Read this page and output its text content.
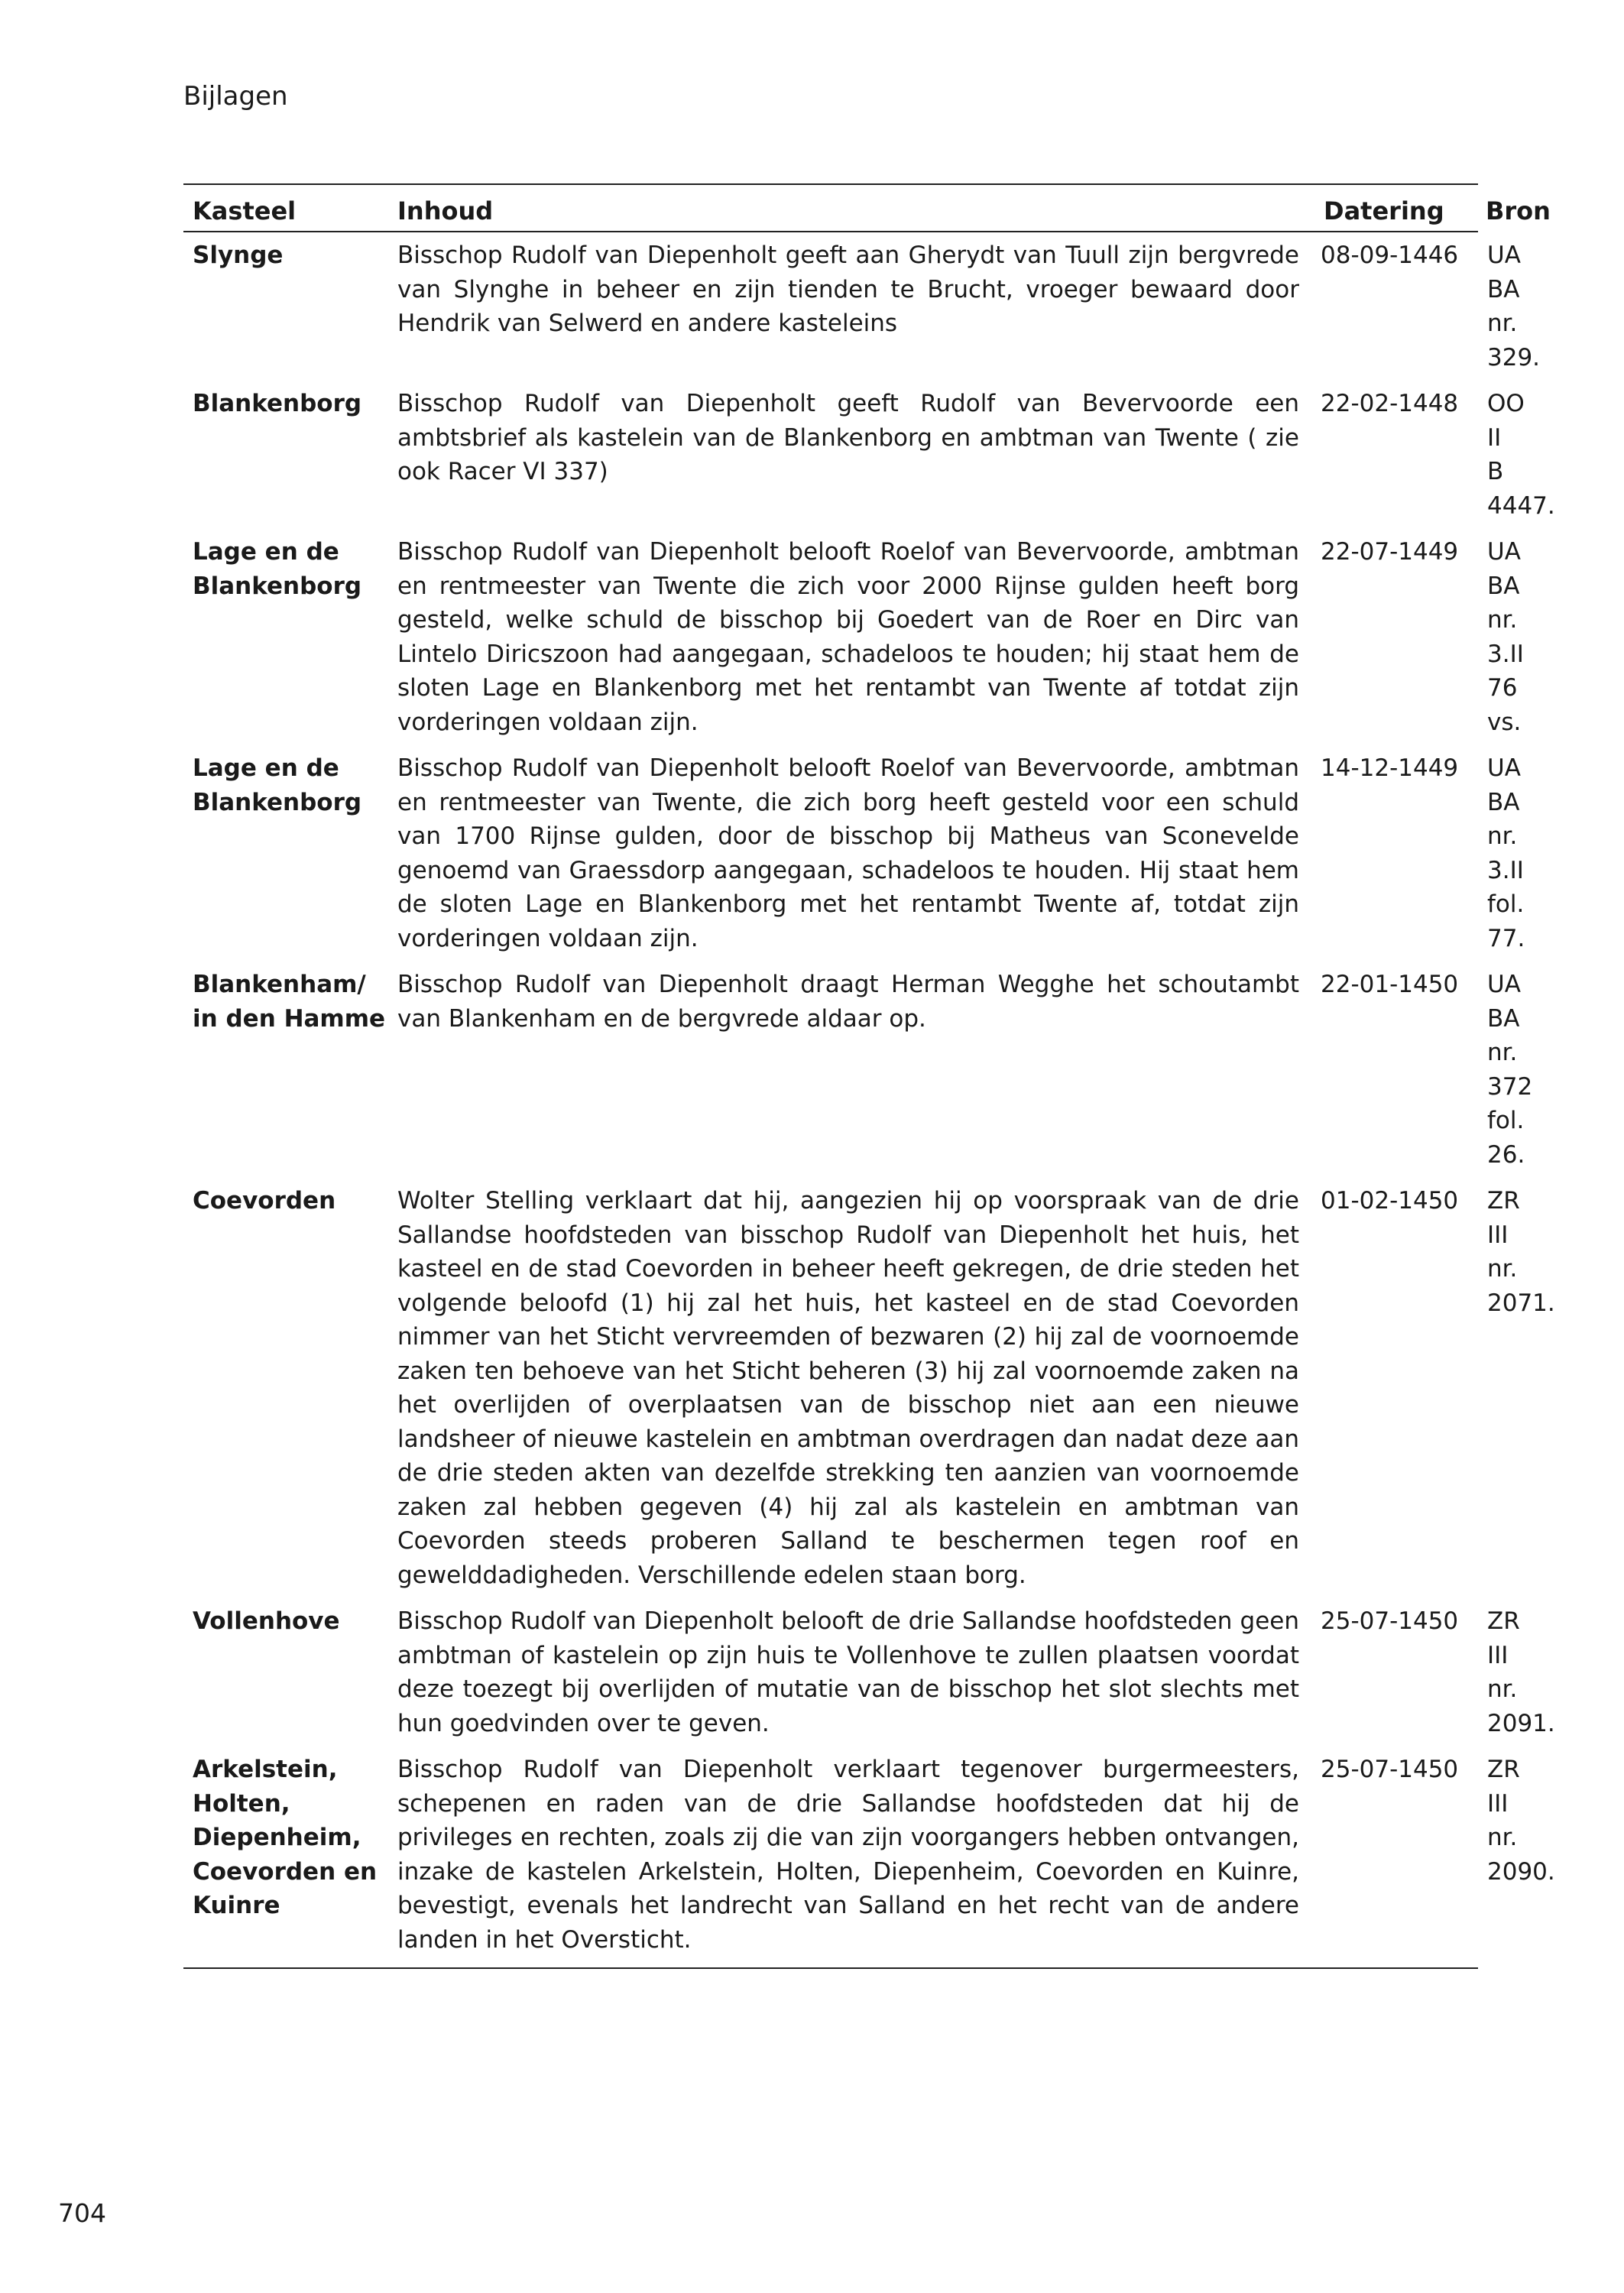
Bijlagen
Kasteel	Inhoud	Datering	Bron
Slynge	Bisschop Rudolf van Diepenholt geeft aan Gherydt van Tuull zijn bergvrede van Slynghe in beheer en zijn tienden te Brucht, vroeger bewaard door Hendrik van Selwerd en andere kasteleins	08-09-1446	UA BA nr. 329.
Blankenborg	Bisschop Rudolf van Diepenholt geeft Rudolf van Bevervoorde een ambtsbrief als kastelein van de Blankenborg en ambtman van Twente ( zie ook Racer VI 337)	22-02-1448	OO II B 4447.
Lage en de Blankenborg	Bisschop Rudolf van Diepenholt belooft Roelof van Bevervoorde, ambtman en rentmeester van Twente die zich voor 2000 Rijnse gulden heeft borg gesteld, welke schuld de bisschop bij Goedert van de Roer en Dirc van Lintelo Diricszoon had aangegaan, schadeloos te houden; hij staat hem de sloten Lage en Blankenborg met het rentambt van Twente af totdat zijn vorderingen voldaan zijn.	22-07-1449	UA BA nr. 3.II 76 vs.
Lage en de Blankenborg	Bisschop Rudolf van Diepenholt belooft Roelof van Bevervoorde, ambtman en rentmeester van Twente, die zich borg heeft gesteld voor een schuld van 1700 Rijnse gulden, door de bisschop bij Matheus van Sconevelde genoemd van Graessdorp aangegaan, schadeloos te houden. Hij staat hem de sloten Lage en Blankenborg met het rentambt Twente af, totdat zijn vorderingen voldaan zijn.	14-12-1449	UA BA nr. 3.II fol. 77.
Blankenham/ in den Hamme	Bisschop Rudolf van Diepenholt draagt Herman Wegghe het schoutambt van Blankenham en de bergvrede aldaar op.	22-01-1450	UA BA nr. 372 fol. 26.
Coevorden	Wolter Stelling verklaart dat hij, aangezien hij op voorspraak van de drie Sallandse hoofdsteden van bisschop Rudolf van Diepenholt het huis, het kasteel en de stad Coevorden in beheer heeft gekregen, de drie steden het volgende beloofd (1) hij zal het huis, het kasteel en de stad Coevorden nimmer van het Sticht vervreemden of bezwaren (2) hij zal de voornoemde zaken ten behoeve van het Sticht beheren (3) hij zal voornoemde zaken na het overlijden of overplaatsen van de bisschop niet aan een nieuwe landsheer of nieuwe kastelein en ambtman overdragen dan nadat deze aan de drie steden akten van dezelfde strekking ten aanzien van voornoemde zaken zal hebben gegeven (4) hij zal als kastelein en ambtman van Coevorden steeds proberen Salland te beschermen tegen roof en gewelddadigheden. Verschillende edelen staan borg.	01-02-1450	ZR III nr. 2071.
Vollenhove	Bisschop Rudolf van Diepenholt belooft de drie Sallandse hoofdsteden geen ambtman of kastelein op zijn huis te Vollenhove te zullen plaatsen voordat deze toezegt bij overlijden of mutatie van de bisschop het slot slechts met hun goedvinden over te geven.	25-07-1450	ZR III nr. 2091.
Arkelstein, Holten, Diepenheim, Coevorden en Kuinre	Bisschop Rudolf van Diepenholt verklaart tegenover burgermeesters, schepenen en raden van de drie Sallandse hoofdsteden dat hij de privileges en rechten, zoals zij die van zijn voorgangers hebben ontvangen, inzake de kastelen Arkelstein, Holten, Diepenheim, Coevorden en Kuinre, bevestigt, evenals het landrecht van Salland en het recht van de andere landen in het Oversticht.	25-07-1450	ZR III nr. 2090.
704
